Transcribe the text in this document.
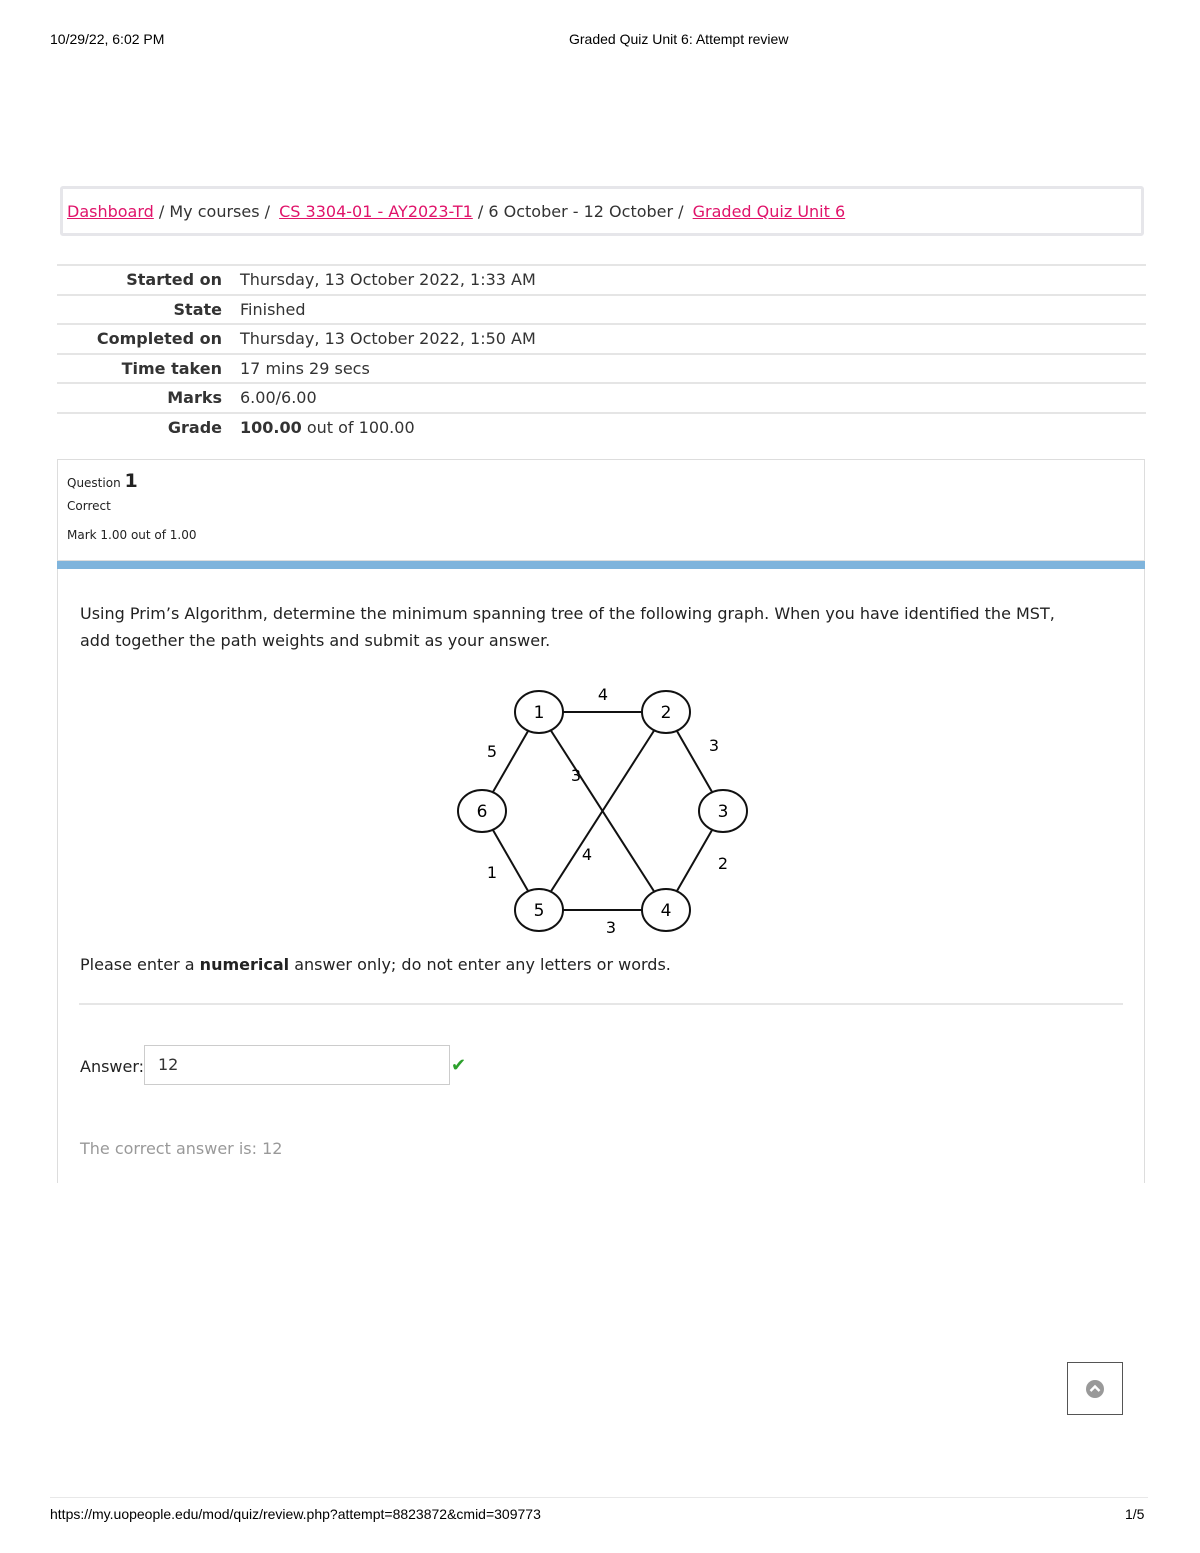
10/29/22, 6:02 PM	Graded Quiz Unit 6: Attempt review
Dashboard / My courses / CS 3304-01 - AY2023-T1 / 6 October - 12 October / Graded Quiz Unit 6
Started on	Thursday, 13 October 2022, 1:33 AM
State	Finished
Completed on	Thursday, 13 October 2022, 1:50 AM
Time taken	17 mins 29 secs
Marks	6.00/6.00
Grade	100.00 out of 100.00
Question 1
Correct
Mark 1.00 out of 1.00
Using Prim’s Algorithm, determine the minimum spanning tree of the following graph. When you have identified the MST, add together the path weights and submit as your answer.
4
3
2
3
1
5
3
4
1	2
3
4
5
6
Please enter a numerical answer only; do not enter any letters or words.
Answer: 12	✔
The correct answer is: 12
https://my.uopeople.edu/mod/quiz/review.php?attempt=8823872&cmid=309773	1/5
